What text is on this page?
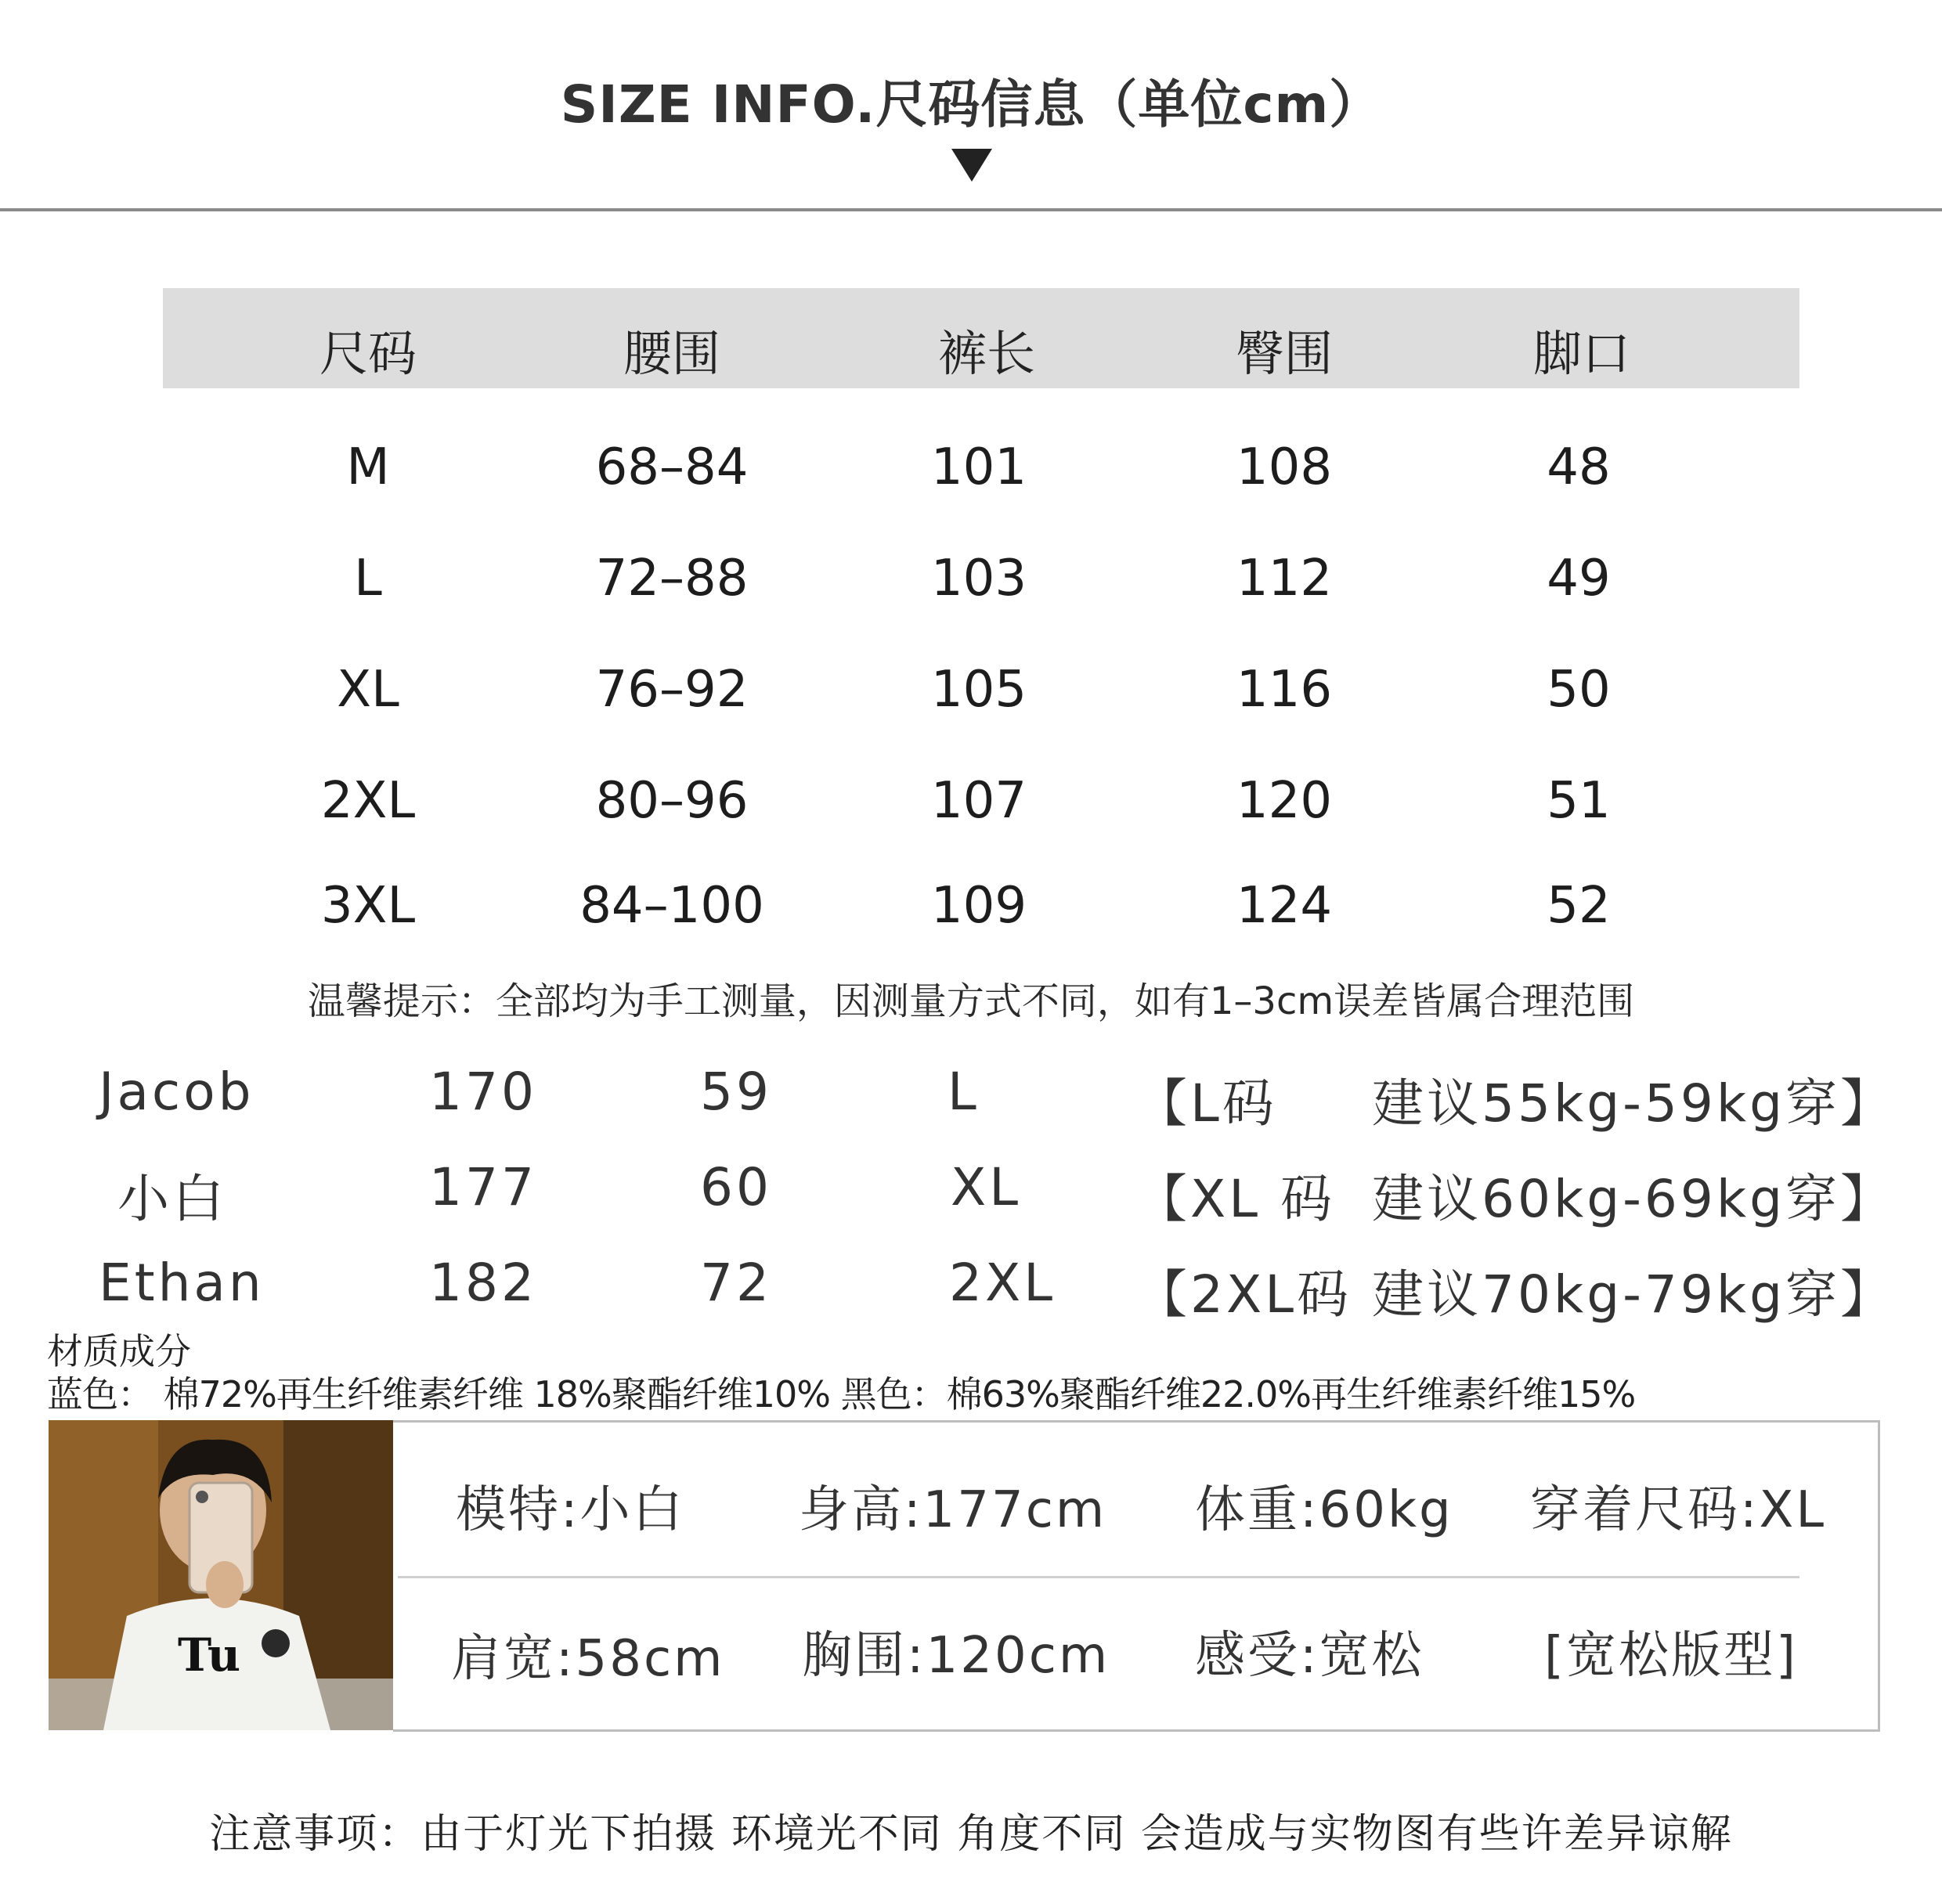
SIZE INFO.尺码信息（单位cm）
尺码	腰围	裤长	臀围	脚口
M	68–84	101	108	48
L	72–88	103	112	49
XL	76–92	105	116	50
2XL	80–96	107	120	51
3XL	84–100	109	124	52
温馨提示：全部均为手工测量，因测量方式不同，如有1–3cm误差皆属合理范围
Jacob	170	59	L	【L码 建议55kg-59kg穿】
小白	177	60	XL 【XL 码 建议60kg-69kg穿】
Ethan	182	72	2XL 【2XL码 建议70kg-79kg穿】
材质成分
蓝色： 棉72%再生纤维素纤维 18%聚酯纤维10% 黑色：棉63%聚酯纤维22.0%再生纤维素纤维15%
Tu
模特:小白 身高:177cm 体重:60kg 穿着尺码:XL
肩宽:58cm 胸围:120cm 感受:宽松 [宽松版型]
注意事项：由于灯光下拍摄 环境光不同 角度不同 会造成与实物图有些许差异谅解
